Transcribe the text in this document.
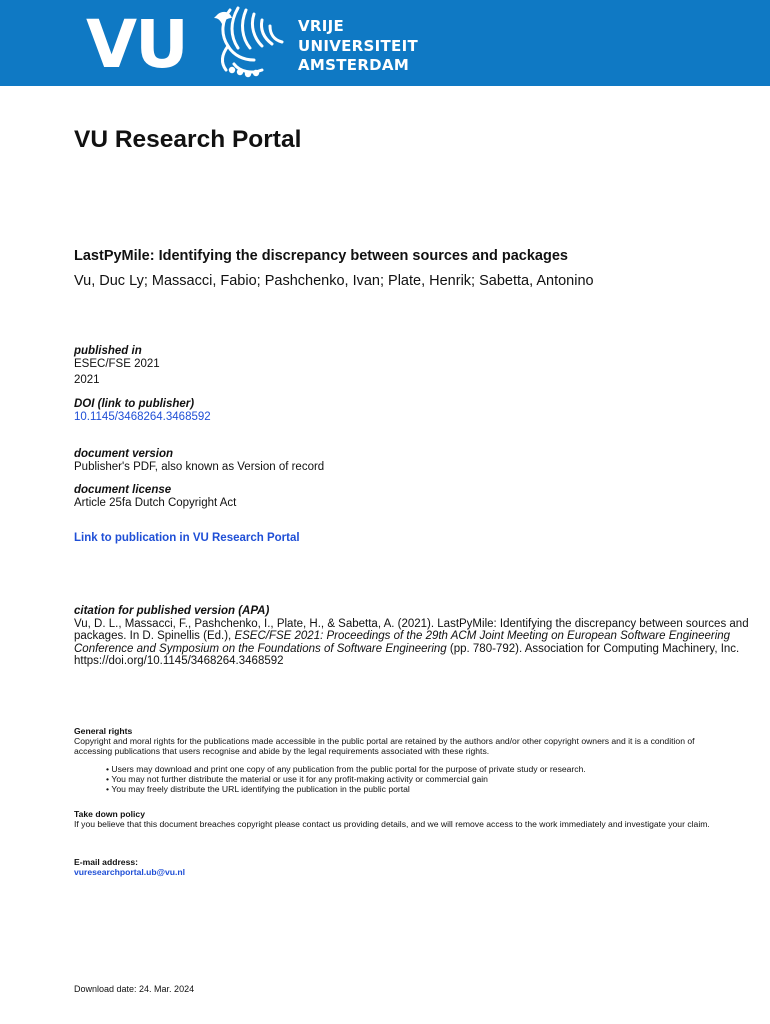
VU	VRIJE
UNIVERSITEIT
AMSTERDAM
VU Research Portal
LastPyMile: Identifying the discrepancy between sources and packages
Vu, Duc Ly; Massacci, Fabio; Pashchenko, Ivan; Plate, Henrik; Sabetta, Antonino
published in
ESEC/FSE 2021
2021
DOI (link to publisher)
10.1145/3468264.3468592
document version
Publisher's PDF, also known as Version of record
document license
Article 25fa Dutch Copyright Act
Link to publication in VU Research Portal
citation for published version (APA)
Vu, D. L., Massacci, F., Pashchenko, I., Plate, H., & Sabetta, A. (2021). LastPyMile: Identifying the discrepancy between sources and packages. In D. Spinellis (Ed.), ESEC/FSE 2021: Proceedings of the 29th ACM Joint Meeting on European Software Engineering Conference and Symposium on the Foundations of Software Engineering (pp. 780-792). Association for Computing Machinery, Inc. https://doi.org/10.1145/3468264.3468592
General rights
Copyright and moral rights for the publications made accessible in the public portal are retained by the authors and/or other copyright owners and it is a condition of accessing publications that users recognise and abide by the legal requirements associated with these rights.
• Users may download and print one copy of any publication from the public portal for the purpose of private study or research.
• You may not further distribute the material or use it for any profit-making activity or commercial gain
• You may freely distribute the URL identifying the publication in the public portal
Take down policy
If you believe that this document breaches copyright please contact us providing details, and we will remove access to the work immediately and investigate your claim.
E-mail address:
vuresearchportal.ub@vu.nl
Download date: 24. Mar. 2024
